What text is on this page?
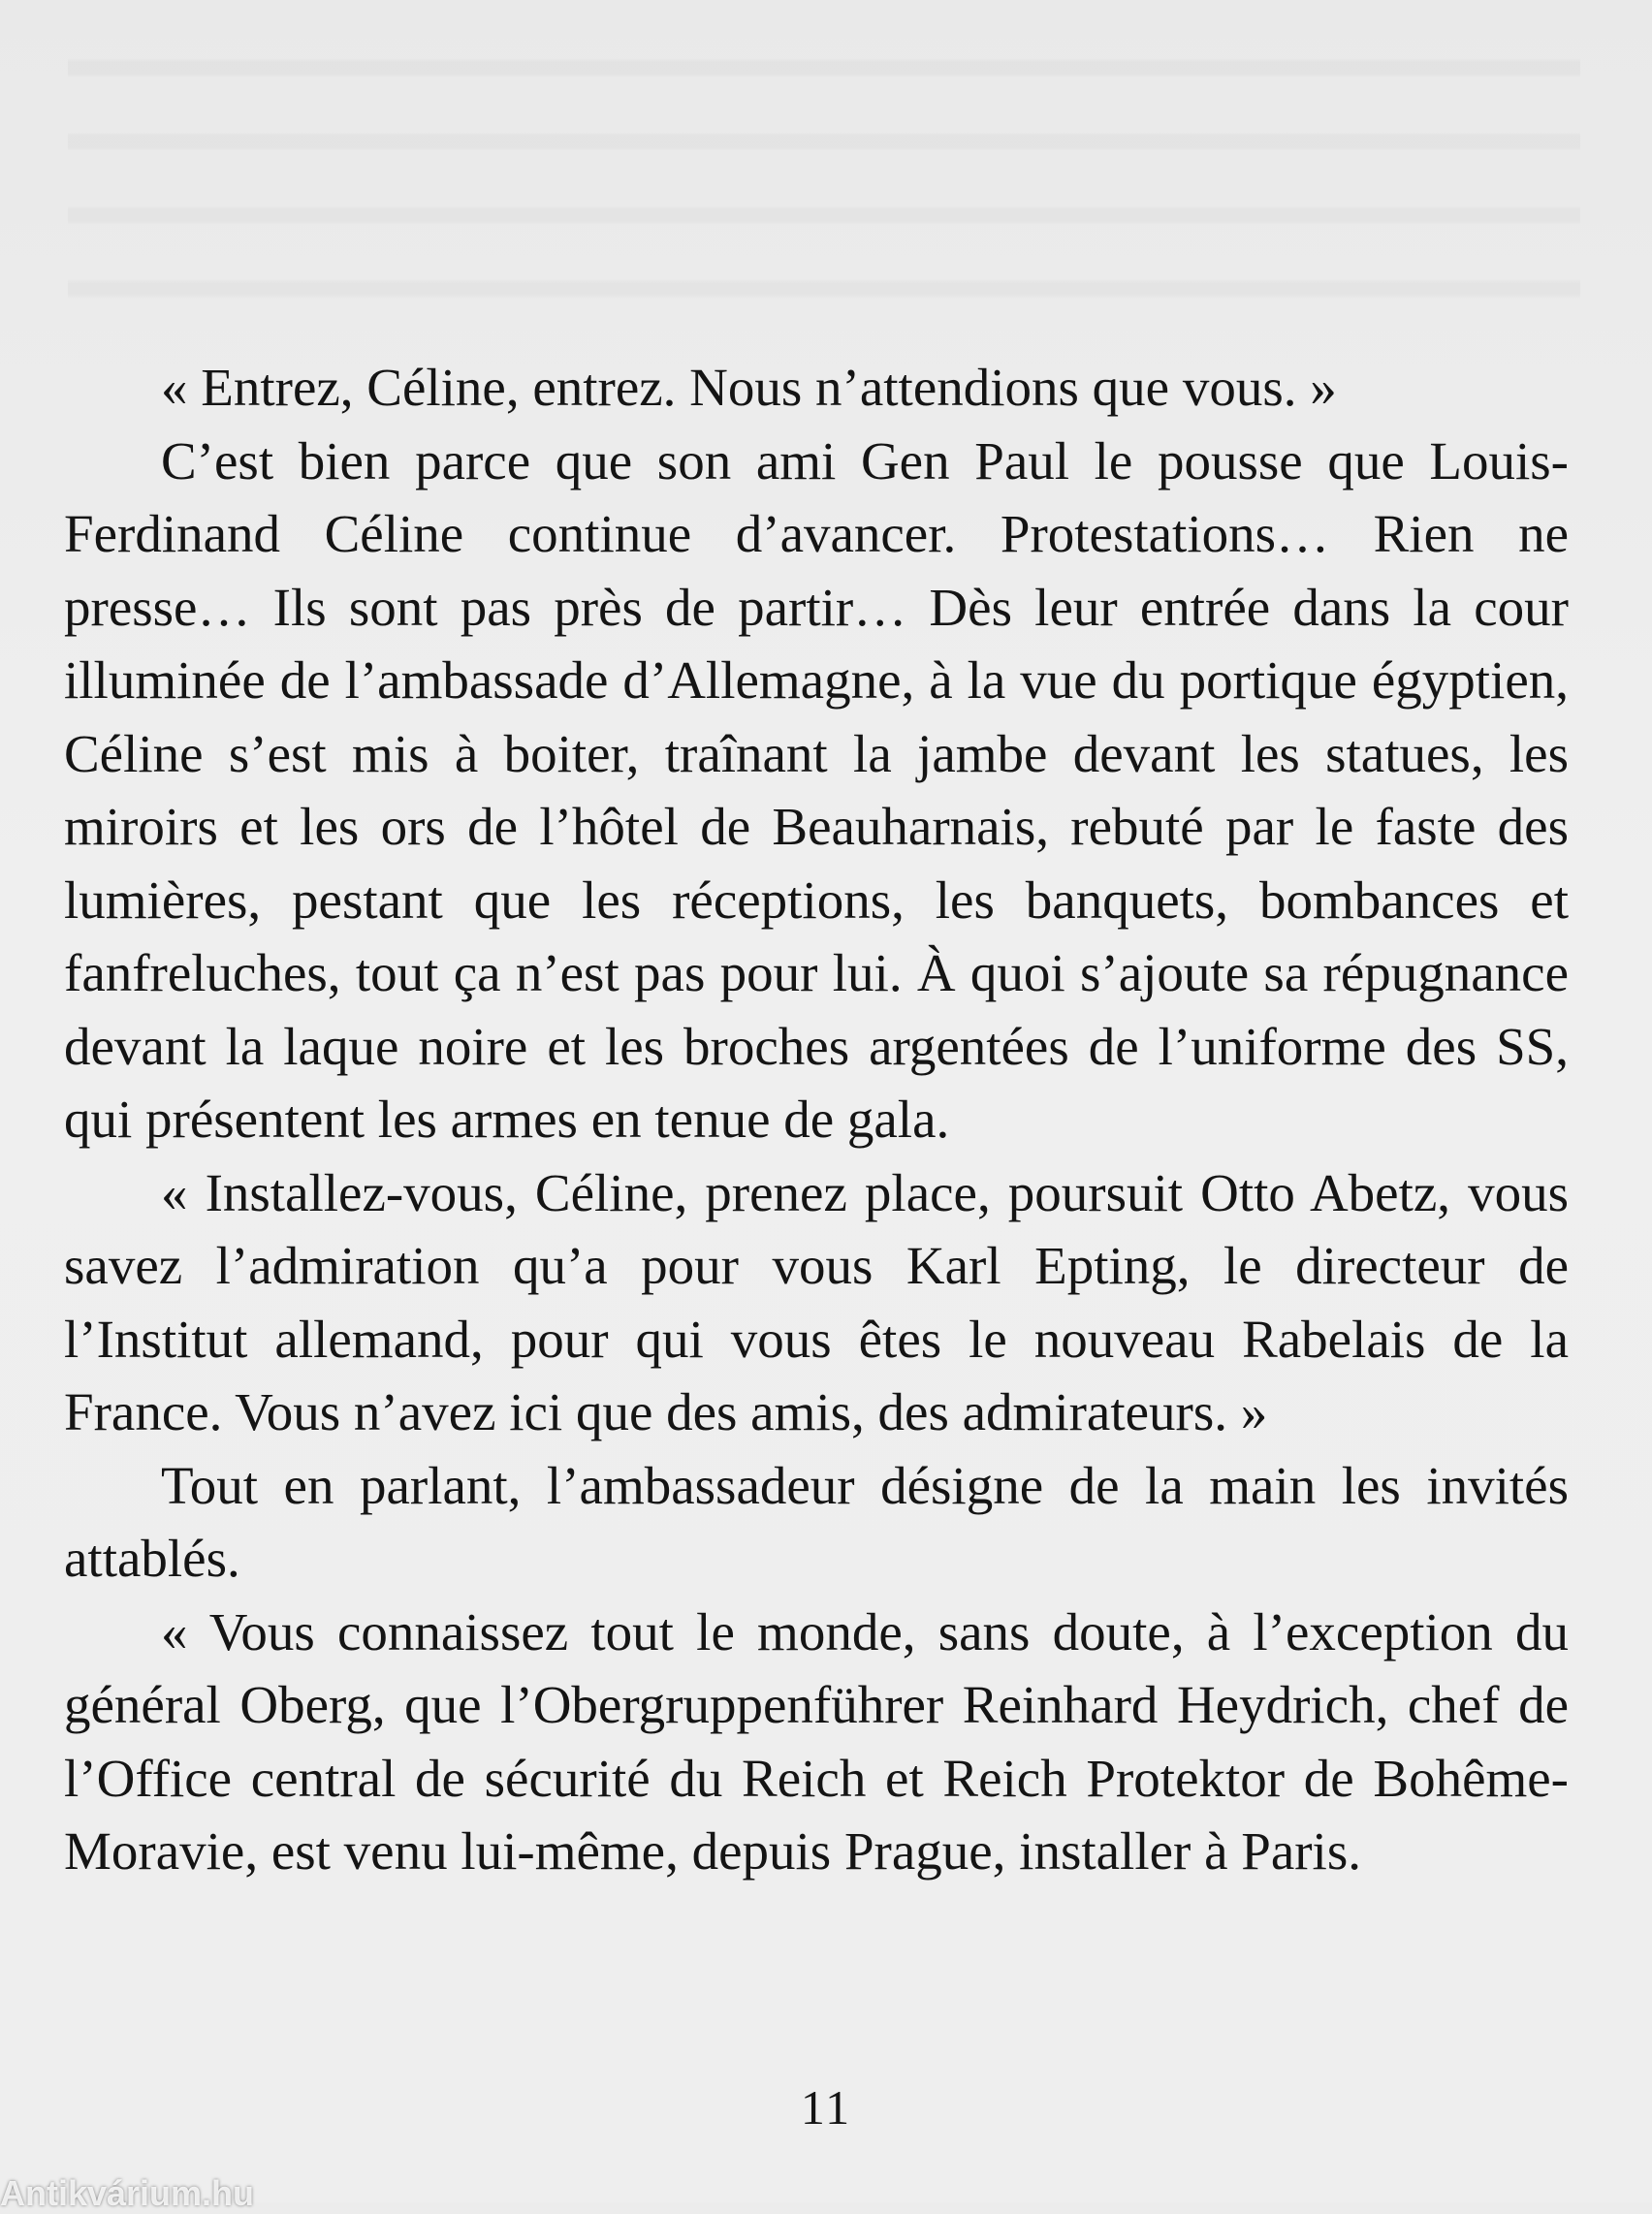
« Entrez, Céline, entrez. Nous n’attendions que vous. »

C’est bien parce que son ami Gen Paul le pousse que Louis-Ferdinand Céline continue d’avancer. Protestations… Rien ne presse… Ils sont pas près de partir… Dès leur entrée dans la cour illuminée de l’ambassade d’Allemagne, à la vue du portique égyptien, Céline s’est mis à boiter, traînant la jambe devant les statues, les miroirs et les ors de l’hôtel de Beauharnais, rebuté par le faste des lumières, pestant que les réceptions, les banquets, bombances et fanfreluches, tout ça n’est pas pour lui. À quoi s’ajoute sa répugnance devant la laque noire et les broches argentées de l’uniforme des SS, qui présentent les armes en tenue de gala.

« Installez-vous, Céline, prenez place, poursuit Otto Abetz, vous savez l’admiration qu’a pour vous Karl Epting, le directeur de l’Institut allemand, pour qui vous êtes le nouveau Rabelais de la France. Vous n’avez ici que des amis, des admirateurs. »

Tout en parlant, l’ambassadeur désigne de la main les invités attablés.

« Vous connaissez tout le monde, sans doute, à l’exception du général Oberg, que l’Obergruppenführer Reinhard Heydrich, chef de l’Office central de sécurité du Reich et Reich Protektor de Bohême-Moravie, est venu lui-même, depuis Prague, installer à Paris.

11
Antikvárium.hu
